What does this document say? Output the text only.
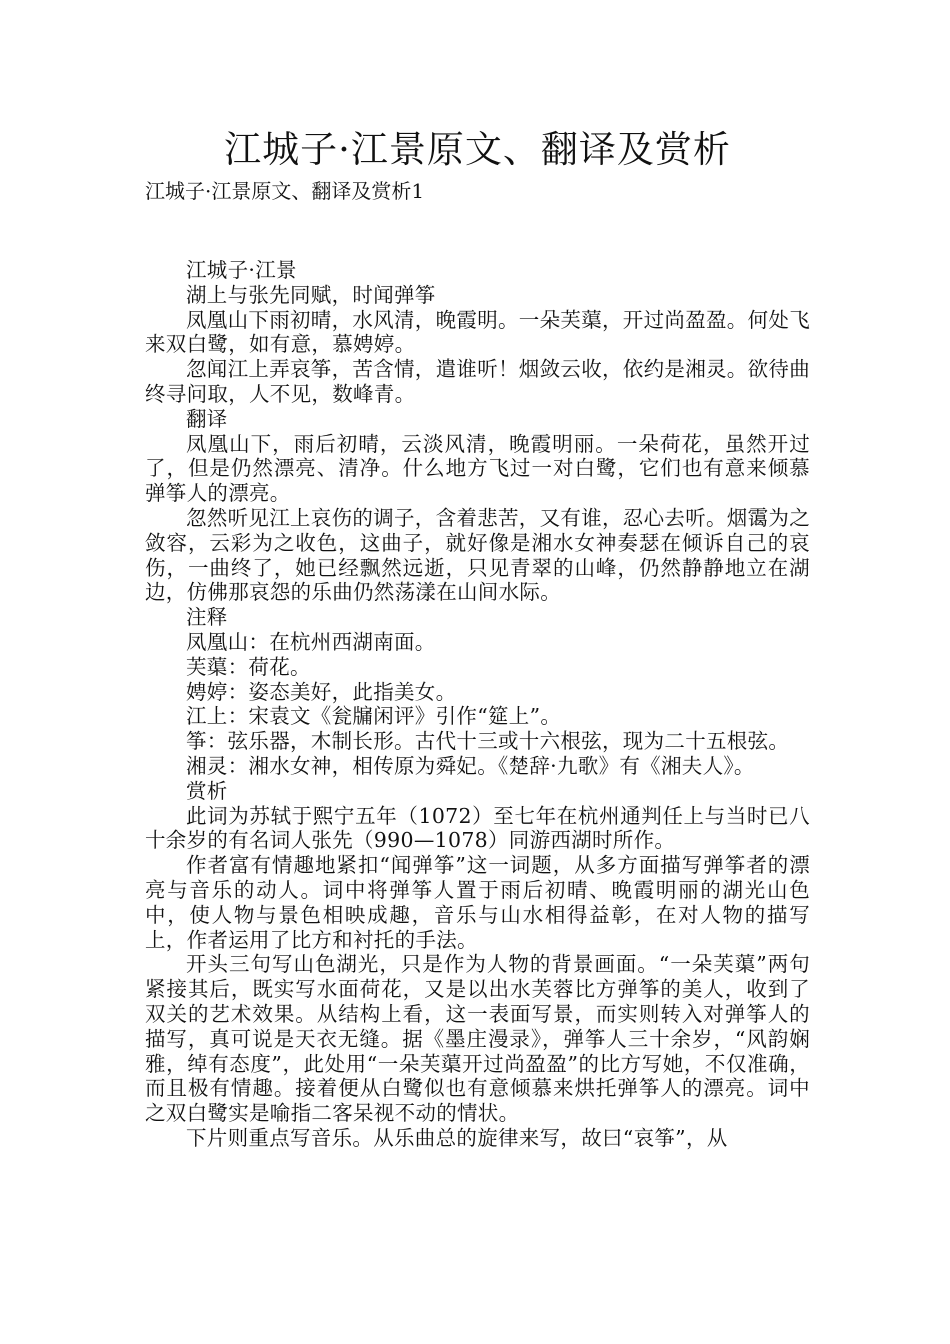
江城子·江景原文、翻译及赏析
江城子·江景原文、翻译及赏析1

江城子·江景

湖上与张先同赋，时闻弹筝

凤凰山下雨初晴，水风清，晚霞明。一朵芙蕖，开过尚盈盈。何处飞来双白鹭，如有意，慕娉婷。

忽闻江上弄哀筝，苦含情，遣谁听！烟敛云收，依约是湘灵。欲待曲终寻问取，人不见，数峰青。

翻译

凤凰山下，雨后初晴，云淡风清，晚霞明丽。一朵荷花，虽然开过了，但是仍然漂亮、清净。什么地方飞过一对白鹭，它们也有意来倾慕弹筝人的漂亮。

忽然听见江上哀伤的调子，含着悲苦，又有谁，忍心去听。烟霭为之敛容，云彩为之收色，这曲子，就好像是湘水女神奏瑟在倾诉自己的哀伤，一曲终了，她已经飘然远逝，只见青翠的山峰，仍然静静地立在湖边，仿佛那哀怨的乐曲仍然荡漾在山间水际。

注释

凤凰山：在杭州西湖南面。

芙蕖：荷花。

娉婷：姿态美好，此指美女。

江上：宋袁文《瓮牖闲评》引作“筵上”。

筝：弦乐器，木制长形。古代十三或十六根弦，现为二十五根弦。

湘灵：湘水女神，相传原为舜妃。《楚辞·九歌》有《湘夫人》。

赏析

此词为苏轼于熙宁五年（1072）至七年在杭州通判任上与当时已八十余岁的有名词人张先（990—1078）同游西湖时所作。

作者富有情趣地紧扣“闻弹筝”这一词题，从多方面描写弹筝者的漂亮与音乐的动人。词中将弹筝人置于雨后初晴、晚霞明丽的湖光山色中，使人物与景色相映成趣，音乐与山水相得益彰，在对人物的描写上，作者运用了比方和衬托的手法。

开头三句写山色湖光，只是作为人物的背景画面。“一朵芙蕖”两句紧接其后，既实写水面荷花，又是以出水芙蓉比方弹筝的美人，收到了双关的艺术效果。从结构上看，这一表面写景，而实则转入对弹筝人的描写，真可说是天衣无缝。据《墨庄漫录》，弹筝人三十余岁，“风韵娴雅，绰有态度”，此处用“一朵芙蕖开过尚盈盈”的比方写她，不仅准确，而且极有情趣。接着便从白鹭似也有意倾慕来烘托弹筝人的漂亮。词中之双白鹭实是喻指二客呆视不动的情状。

下片则重点写音乐。从乐曲总的旋律来写，故曰“哀筝”，从
